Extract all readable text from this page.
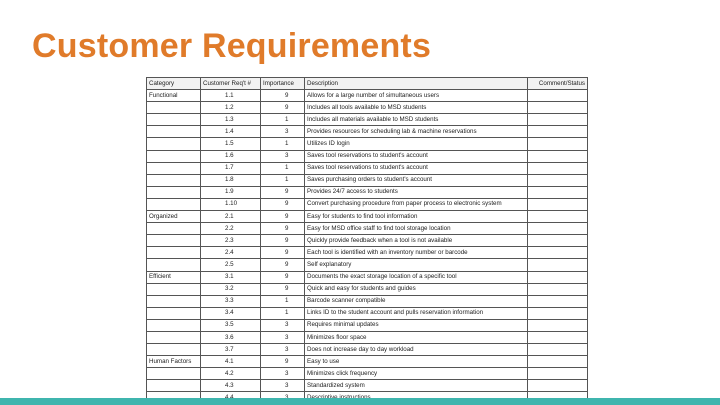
Customer Requirements
Category	Customer Req't #	Importance	Description	Comment/Status
Functional	1.1	9	Allows for a large number of simultaneous users	
	1.2	9	Includes all tools available to MSD students	
	1.3	1	Includes all materials available to MSD students	
	1.4	3	Provides resources for scheduling lab & machine reservations	
	1.5	1	Utilizes ID login	
	1.6	3	Saves tool reservations to student's account	
	1.7	1	Saves tool reservations to student's account	
	1.8	1	Saves purchasing orders to student's account	
	1.9	9	Provides 24/7 access to students	
	1.10	9	Convert purchasing procedure from paper process to electronic system	
Organized	2.1	9	Easy for students to find tool information	
	2.2	9	Easy for MSD office staff to find tool storage location	
	2.3	9	Quickly provide feedback when a tool is not available	
	2.4	9	Each tool is identified with an inventory number or barcode	
	2.5	9	Self explanatory	
Efficient	3.1	9	Documents the exact storage location of a specific tool	
	3.2	9	Quick and easy for students and guides	
	3.3	1	Barcode scanner compatible	
	3.4	1	Links ID to the student account and pulls reservation information	
	3.5	3	Requires minimal updates	
	3.6	3	Minimizes floor space	
	3.7	3	Does not increase day to day workload	
Human Factors	4.1	9	Easy to use	
	4.2	3	Minimizes click frequency	
	4.3	3	Standardized system	
